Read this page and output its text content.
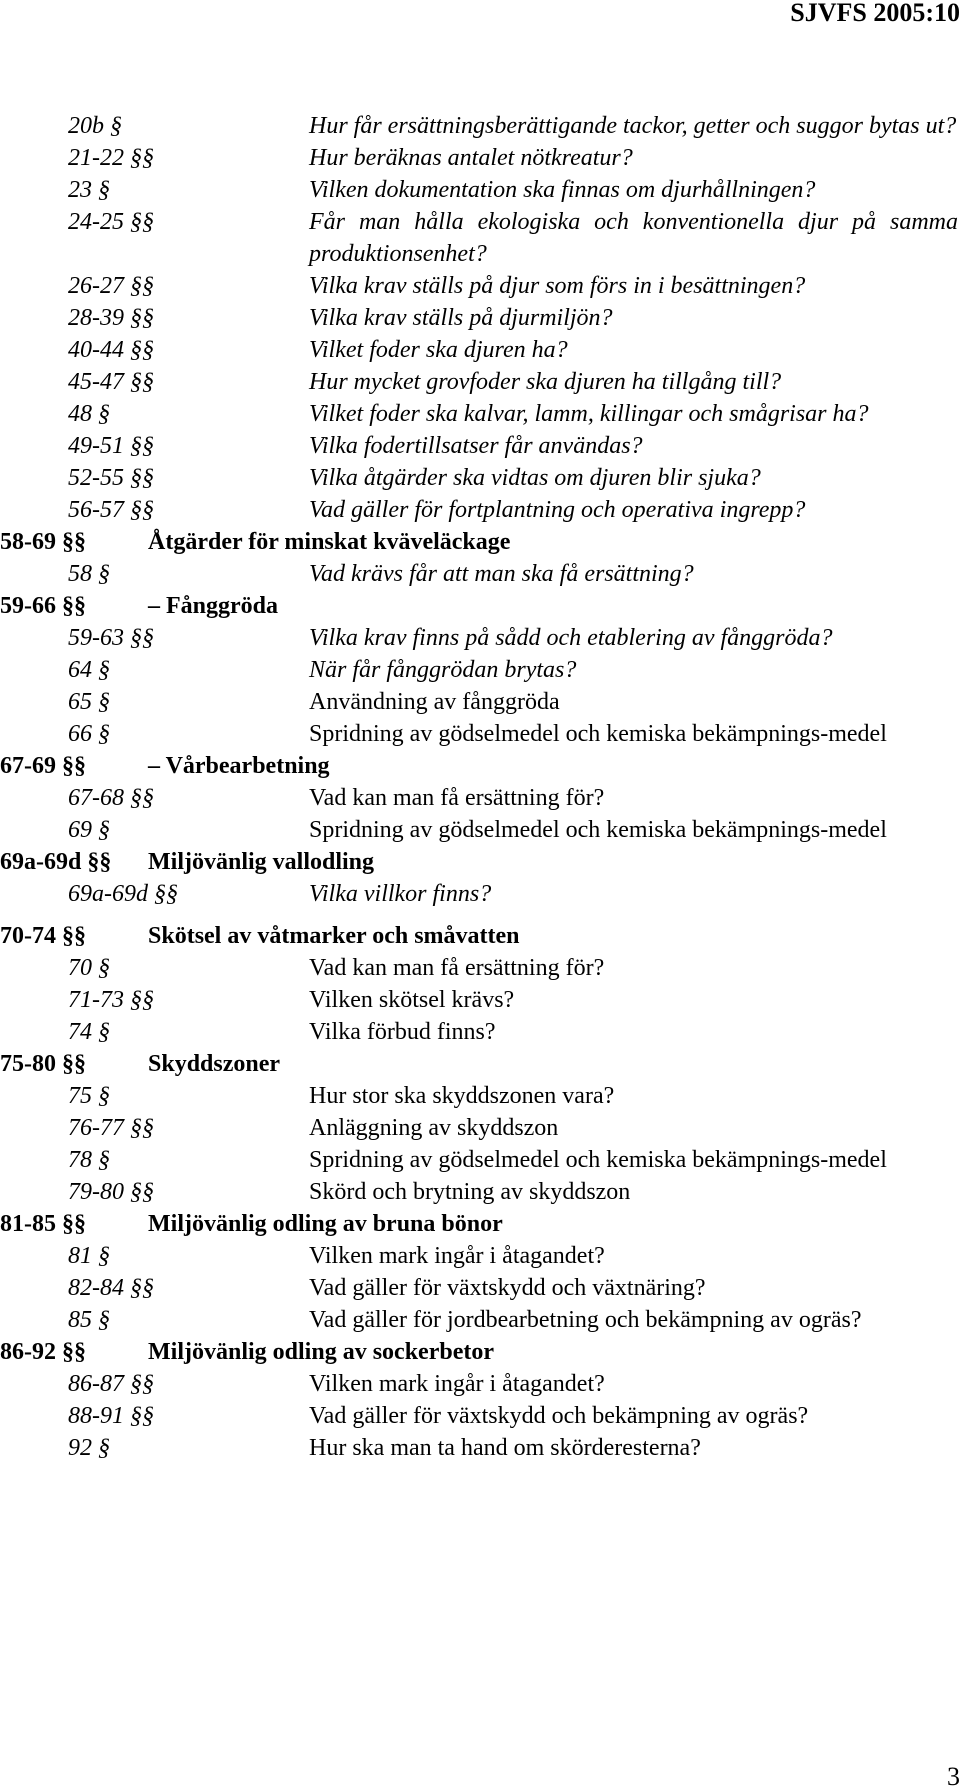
SJVFS 2005:10
20b §	Hur får ersättningsberättigande tackor, getter och suggor bytas ut?
21-22 §§	Hur beräknas antalet nötkreatur?
23 §	Vilken dokumentation ska finnas om djurhållningen?
24-25 §§	Får man hålla ekologiska och konventionella djur på samma produktionsenhet?
26-27 §§	Vilka krav ställs på djur som förs in i besättningen?
28-39 §§	Vilka krav ställs på djurmiljön?
40-44 §§	Vilket foder ska djuren ha?
45-47 §§	Hur mycket grovfoder ska djuren ha tillgång till?
48 §	Vilket foder ska kalvar, lamm, killingar och smågrisar ha?
49-51 §§	Vilka fodertillsatser får användas?
52-55 §§	Vilka åtgärder ska vidtas om djuren blir sjuka?
56-57 §§	Vad gäller för fortplantning och operativa ingrepp?
58-69 §§	Åtgärder för minskat kväveläckage
58 §	Vad krävs får att man ska få ersättning?
59-66 §§	– Fånggröda
59-63 §§	Vilka krav finns på sådd och etablering av fånggröda?
64 §	När får fånggrödan brytas?
65 §	Användning av fånggröda
66 §	Spridning av gödselmedel och kemiska bekämpnings-medel
67-69 §§	– Vårbearbetning
67-68 §§	Vad kan man få ersättning för?
69 §	Spridning av gödselmedel och kemiska bekämpnings-medel
69a-69d §§ Miljövänlig vallodling
69a-69d §§	Vilka villkor finns?
70-74 §§	Skötsel av våtmarker och småvatten
70 §	Vad kan man få ersättning för?
71-73 §§	Vilken skötsel krävs?
74 §	Vilka förbud finns?
75-80 §§	Skyddszoner
75 §	Hur stor ska skyddszonen vara?
76-77 §§	Anläggning av skyddszon
78 §	Spridning av gödselmedel och kemiska bekämpnings-medel
79-80 §§	Skörd och brytning av skyddszon
81-85 §§	Miljövänlig odling av bruna bönor
81 §	Vilken mark ingår i åtagandet?
82-84 §§	Vad gäller för växtskydd och växtnäring?
85 §	Vad gäller för jordbearbetning och bekämpning av ogräs?
86-92 §§	Miljövänlig odling av sockerbetor
86-87 §§	Vilken mark ingår i åtagandet?
88-91 §§	Vad gäller för växtskydd och bekämpning av ogräs?
92 §	Hur ska man ta hand om skörderesterna?
3
